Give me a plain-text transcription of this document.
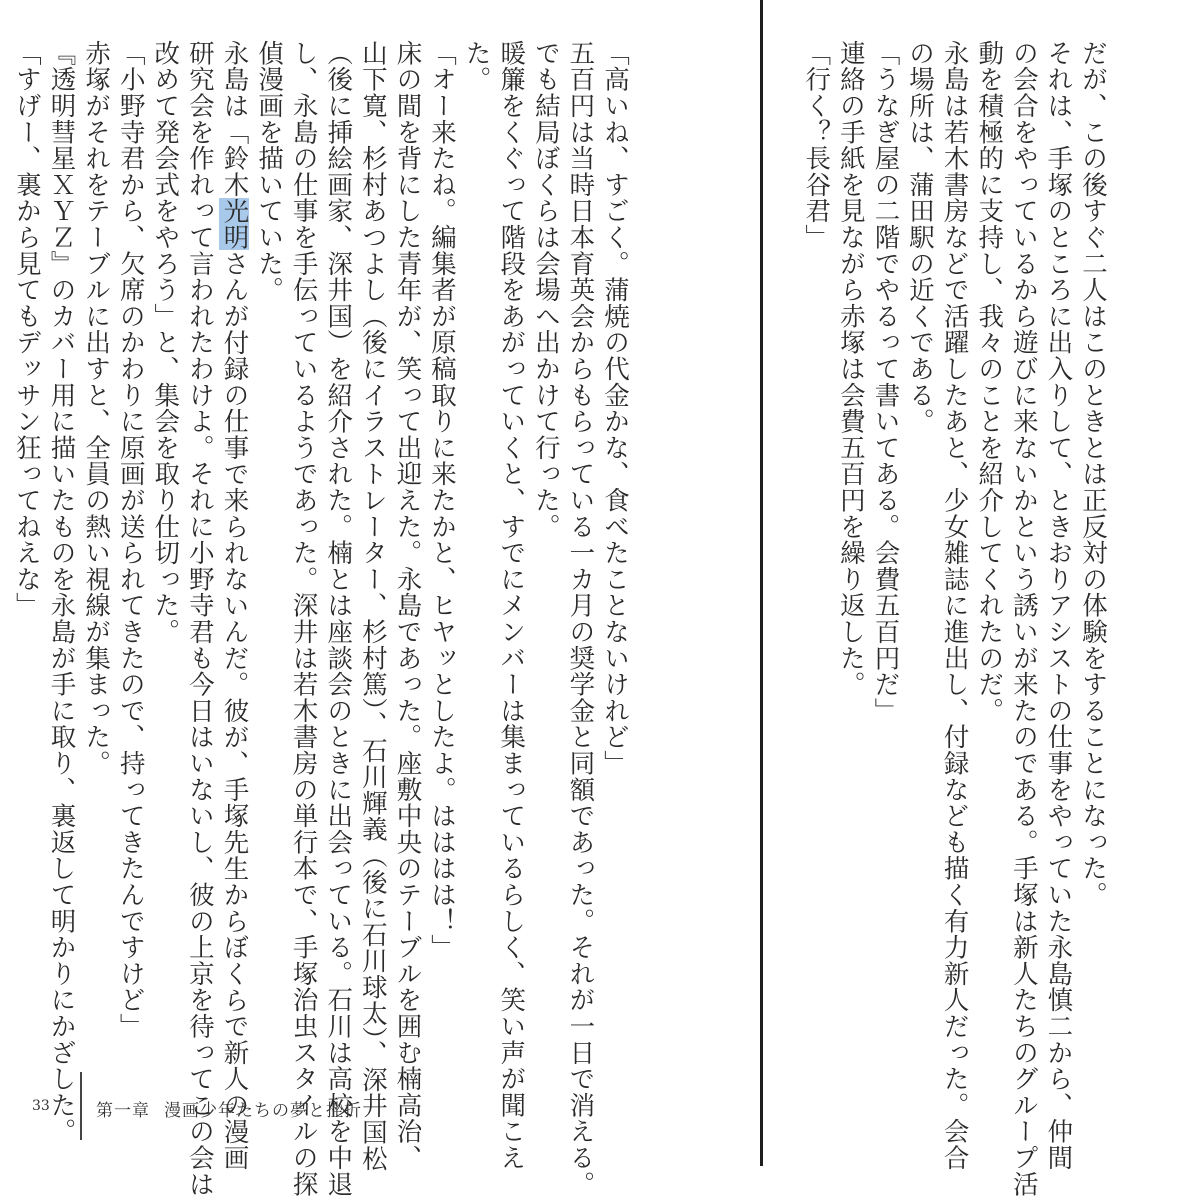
「高いね、すごく。蒲焼の代金かな、食べたことないけれど」

五百円は当時日本育英会からもらっている一カ月の奨学金と同額であった。それが一日で消える。

でも結局ぼくらは会場へ出かけて行った。

暖簾をくぐって階段をあがっていくと、すでにメンバーは集まっているらしく、笑い声が聞こえ

た。

「オー来たね。編集者が原稿取りに来たかと、ヒヤッとしたよ。はははは！」

床の間を背にした青年が、笑って出迎えた。永島であった。座敷中央のテーブルを囲む楠高治、

山下寛、杉村あつよし（後にイラストレーター、杉村篤）、石川輝義（後に石川球太）、深井国松

（後に挿絵画家、深井国）を紹介された。楠とは座談会のときに出会っている。石川は高校を中退

し、永島の仕事を手伝っているようであった。深井は若木書房の単行本で、手塚治虫スタイルの探

偵漫画を描いていた。

永島は「鈴木光明さんが付録の仕事で来られないんだ。彼が、手塚先生からぼくらで新人の漫画

研究会を作れって言われたわけよ。それに小野寺君も今日はいないし、彼の上京を待ってこの会は

改めて発会式をやろう」と、集会を取り仕切った。

「小野寺君から、欠席のかわりに原画が送られてきたので、持ってきたんですけど」

赤塚がそれをテーブルに出すと、全員の熱い視線が集まった。

『透明彗星ＸＹＺ』のカバー用に描いたものを永島が手に取り、裏返して明かりにかざした。

「すげー、裏から見てもデッサン狂ってねえな」

33	第一章 漫画少年たちの夢と挫折

だが、この後すぐ二人はこのときとは正反対の体験をすることになった。

それは、手塚のところに出入りして、ときおりアシストの仕事をやっていた永島慎二から、仲間

の会合をやっているから遊びに来ないかという誘いが来たのである。手塚は新人たちのグループ活

動を積極的に支持し、我々のことを紹介してくれたのだ。

永島は若木書房などで活躍したあと、少女雑誌に進出し、付録なども描く有力新人だった。会合

の場所は、蒲田駅の近くである。

「うなぎ屋の二階でやるって書いてある。会費五百円だ」

連絡の手紙を見ながら赤塚は会費五百円を繰り返した。

「行く？長谷君」
